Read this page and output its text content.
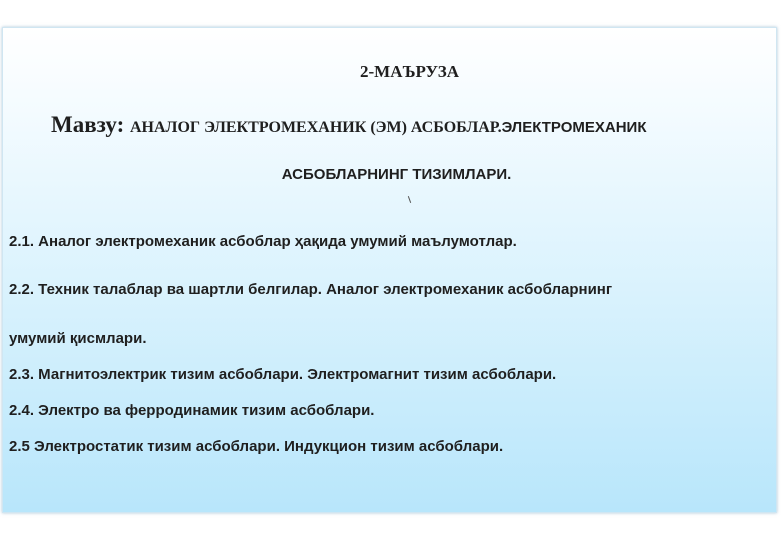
2-МАЪРУЗА
Мавзу: АНАЛОГ ЭЛЕКТРОМЕХАНИК (ЭМ) АСБОБЛАР.ЭЛЕКТРОМЕХАНИК
АСБОБЛАРНИНГ ТИЗИМЛАРИ.
2.1. Аналог электромеханик асбоблар ҳақида умумий маълумотлар.
2.2. Техник талаблар ва шартли белгилар. Аналог электромеханик асбобларнинг
умумий қисмлари.
2.3. Магнитоэлектрик тизим асбоблари. Электромагнит тизим асбоблари.
2.4. Электро ва ферродинамик тизим асбоблари.
2.5 Электростатик тизим асбоблари. Индукцион тизим асбоблари.
